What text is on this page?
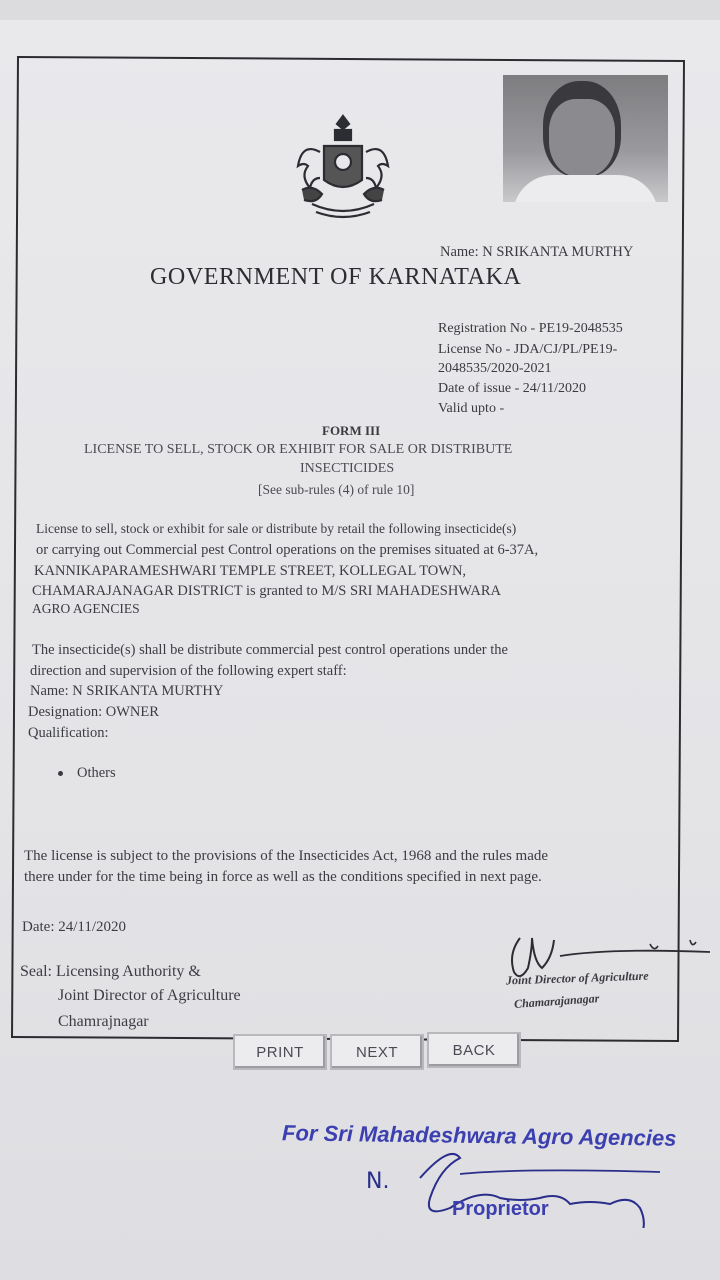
Name: N SRIKANTA MURTHY
GOVERNMENT OF KARNATAKA
Registration No - PE19-2048535
License No - JDA/CJ/PL/PE19-
2048535/2020-2021
Date of issue - 24/11/2020
Valid upto -
FORM III
LICENSE TO SELL, STOCK OR EXHIBIT FOR SALE OR DISTRIBUTE
INSECTICIDES
[See sub-rules (4) of rule 10]
License to sell, stock or exhibit for sale or distribute by retail the following insecticide(s)
or carrying out Commercial pest Control operations on the premises situated at 6-37A,
KANNIKAPARAMESHWARI TEMPLE STREET, KOLLEGAL TOWN,
CHAMARAJANAGAR DISTRICT is granted to M/S SRI MAHADESHWARA
AGRO AGENCIES
The insecticide(s) shall be distribute commercial pest control operations under the
direction and supervision of the following expert staff:
Name: N SRIKANTA MURTHY
Designation: OWNER
Qualification:
Others
The license is subject to the provisions of the Insecticides Act, 1968 and the rules made
there under for the time being in force as well as the conditions specified in next page.
Date: 24/11/2020
Seal: Licensing Authority &
Joint Director of Agriculture
Chamrajnagar
Joint Director of Agriculture
Chamarajanagar
PRINT	NEXT	BACK
For Sri Mahadeshwara Agro Agencies
N.
Proprietor
